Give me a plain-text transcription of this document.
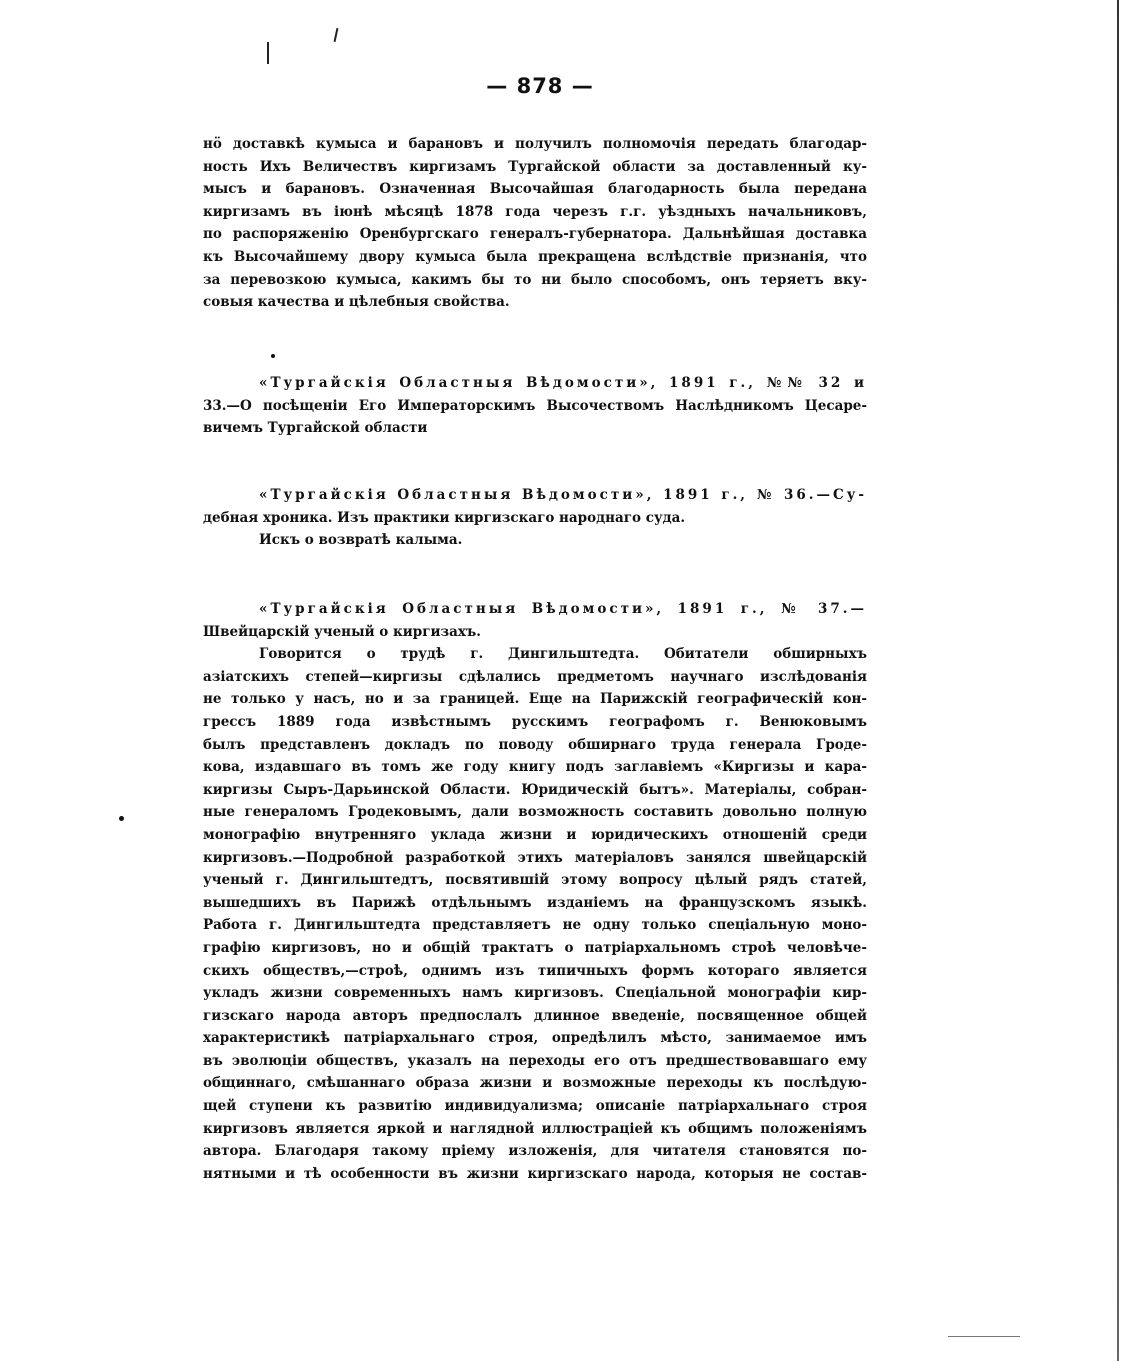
— 878 —
нö доставкѣ кумыса и барановъ и получилъ полномочія передать благодар-
ность Ихъ Величествъ киргизамъ Тургайской области за доставленный ку-
мысъ и барановъ. Означенная Высочайшая благодарность была передана
киргизамъ въ іюнѣ мѣсяцѣ 1878 года черезъ г.г. уѣздныхъ начальниковъ,
по распоряженію Оренбургскаго генералъ-губернатора. Дальнѣйшая доставка
къ Высочайшему двору кумыса была прекращена вслѣдствіе признанія, что
за перевозкою кумыса, какимъ бы то ни было способомъ, онъ теряетъ вку-
совыя качества и цѣлебныя свойства.
«Тургайскія Областныя Вѣдомости», 1891 г., №№ 32 и
33.—О посѣщеніи Его Императорскимъ Высочествомъ Наслѣдникомъ Цесаре-
вичемъ Тургайской области
«Тургайскія Областныя Вѣдомости», 1891 г., № 36.—Су-
дебная хроника. Изъ практики киргизскаго народнаго суда.
Искъ о возвратѣ калыма.
«Тургайскія Областныя Вѣдомости», 1891 г., № 37.—
Швейцарскій ученый о киргизахъ.
Говорится о трудѣ г. Дингильштедта. Обитатели обширныхъ
азіатскихъ степей—киргизы сдѣлались предметомъ научнаго изслѣдованія
не только у насъ, но и за границей. Еще на Парижскій географическій кон-
грессъ 1889 года извѣстнымъ русскимъ географомъ г. Венюковымъ
былъ представленъ докладъ по поводу обширнаго труда генерала Гроде-
кова, издавшаго въ томъ же году книгу подъ заглавіемъ «Киргизы и кара-
киргизы Сыръ-Дарьинской Области. Юридическій бытъ». Матеріалы, собран-
ные генераломъ Гродековымъ, дали возможность составить довольно полную
монографію внутренняго уклада жизни и юридическихъ отношеній среди
киргизовъ.—Подробной разработкой этихъ матеріаловъ занялся швейцарскій
ученый г. Дингильштедтъ, посвятившій этому вопросу цѣлый рядъ статей,
вышедшихъ въ Парижѣ отдѣльнымъ изданіемъ на французскомъ языкѣ.
Работа г. Дингильштедта представляетъ не одну только спеціальную моно-
графію киргизовъ, но и общій трактатъ о патріархальномъ строѣ человѣче-
скихъ обществъ,—строѣ, однимъ изъ типичныхъ формъ котораго является
укладъ жизни современныхъ намъ киргизовъ. Спеціальной монографіи кир-
гизскаго народа авторъ предпослалъ длинное введеніе, посвященное общей
характеристикѣ патріархальнаго строя, опредѣлилъ мѣсто, занимаемое имъ
въ эволюціи обществъ, указалъ на переходы его отъ предшествовавшаго ему
общиннаго, смѣшаннаго образа жизни и возможные переходы къ послѣдую-
щей ступени къ развитію индивидуализма; описаніе патріархальнаго строя
киргизовъ является яркой и наглядной иллюстраціей къ общимъ положеніямъ
автора. Благодаря такому пріему изложенія, для читателя становятся по-
нятными и тѣ особенности въ жизни киргизскаго народа, которыя не состав-
